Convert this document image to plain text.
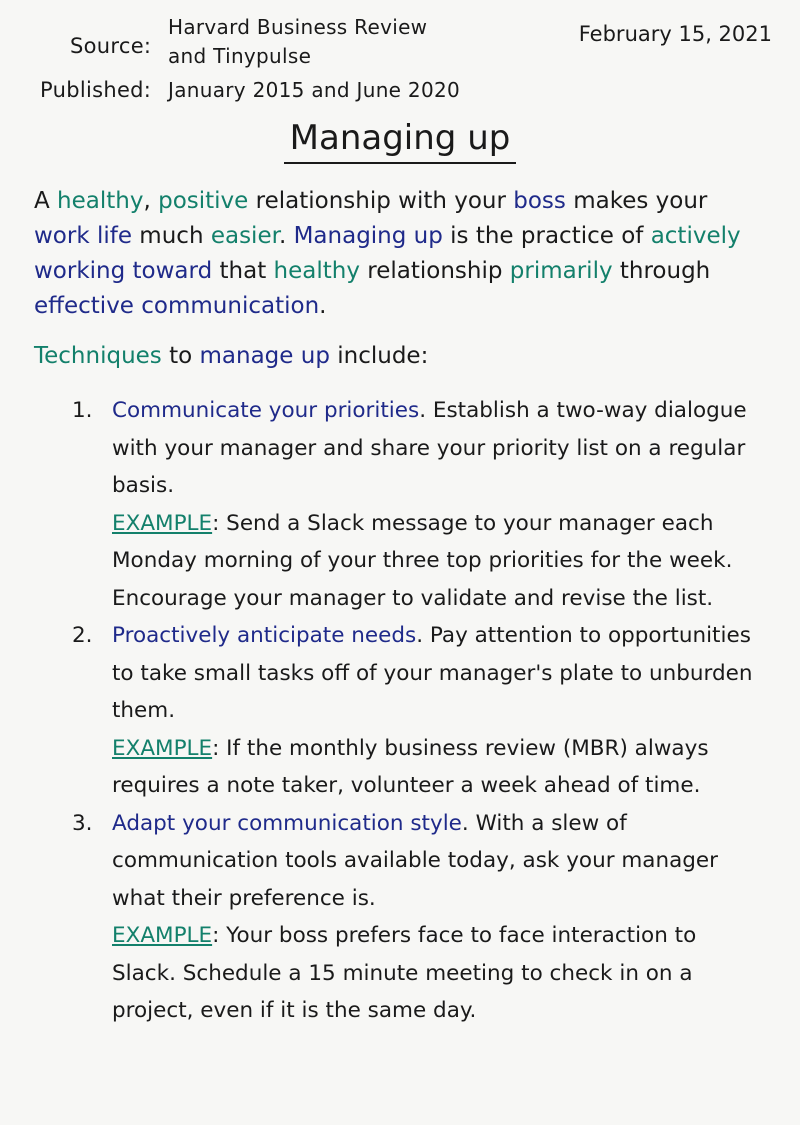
Source:
Harvard Business Review
and Tinypulse
Published: January 2015 and June 2020
February 15, 2021
Managing up
A healthy, positive relationship with your boss makes your work life much easier. Managing up is the practice of actively working toward that healthy relationship primarily through effective communication.
Techniques to manage up include:
1. Communicate your priorities. Establish a two-way dialogue with your manager and share your priority list on a regular basis.
EXAMPLE: Send a Slack message to your manager each Monday morning of your three top priorities for the week. Encourage your manager to validate and revise the list.
2. Proactively anticipate needs. Pay attention to opportunities to take small tasks off of your manager's plate to unburden them.
EXAMPLE: If the monthly business review (MBR) always requires a note taker, volunteer a week ahead of time.
3. Adapt your communication style. With a slew of communication tools available today, ask your manager what their preference is.
EXAMPLE: Your boss prefers face to face interaction to Slack. Schedule a 15 minute meeting to check in on a project, even if it is the same day.
